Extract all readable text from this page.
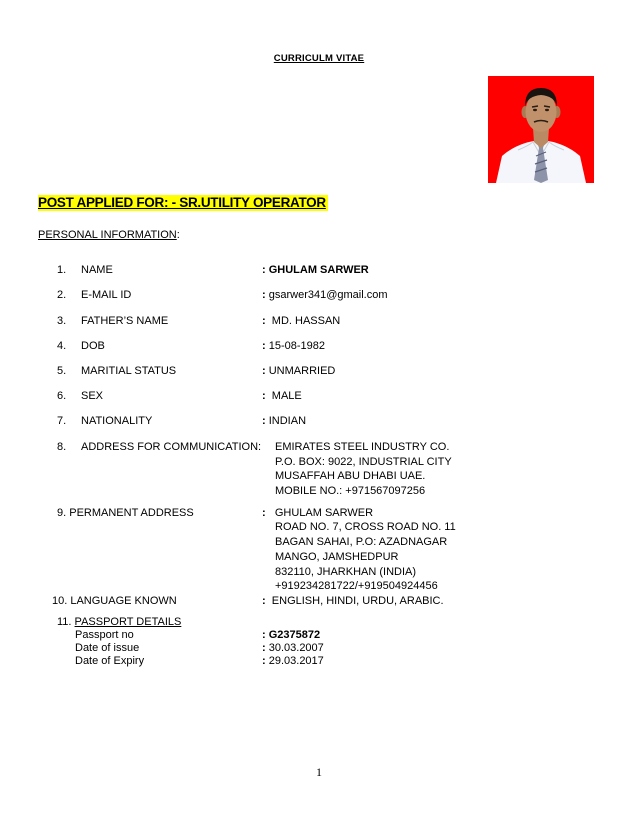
CURRICULM VITAE
POST APPLIED FOR: - SR.UTILITY OPERATOR
PERSONAL INFORMATION:
1. NAME	: GHULAM SARWER
2. E-MAIL ID	: gsarwer341@gmail.com
3. FATHER’S NAME	: MD. HASSAN
4. DOB	: 15-08-1982
5. MARITIAL STATUS	: UNMARRIED
6. SEX	: MALE
7. NATIONALITY	: INDIAN
8. ADDRESS FOR COMMUNICATION: EMIRATES STEEL INDUSTRY CO.
P.O. BOX: 9022, INDUSTRIAL CITY
MUSAFFAH ABU DHABI UAE.
MOBILE NO.: +971567097256
9. PERMANENT ADDRESS	: GHULAM SARWER
ROAD NO. 7, CROSS ROAD NO. 11
BAGAN SAHAI, P.O: AZADNAGAR
MANGO, JAMSHEDPUR
832110, JHARKHAN (INDIA)
+919234281722/+919504924456
10. LANGUAGE KNOWN	: ENGLISH, HINDI, URDU, ARABIC.
11. PASSPORT DETAILS
Passport no	: G2375872
Date of issue	: 30.03.2007
Date of Expiry	: 29.03.2017
1
